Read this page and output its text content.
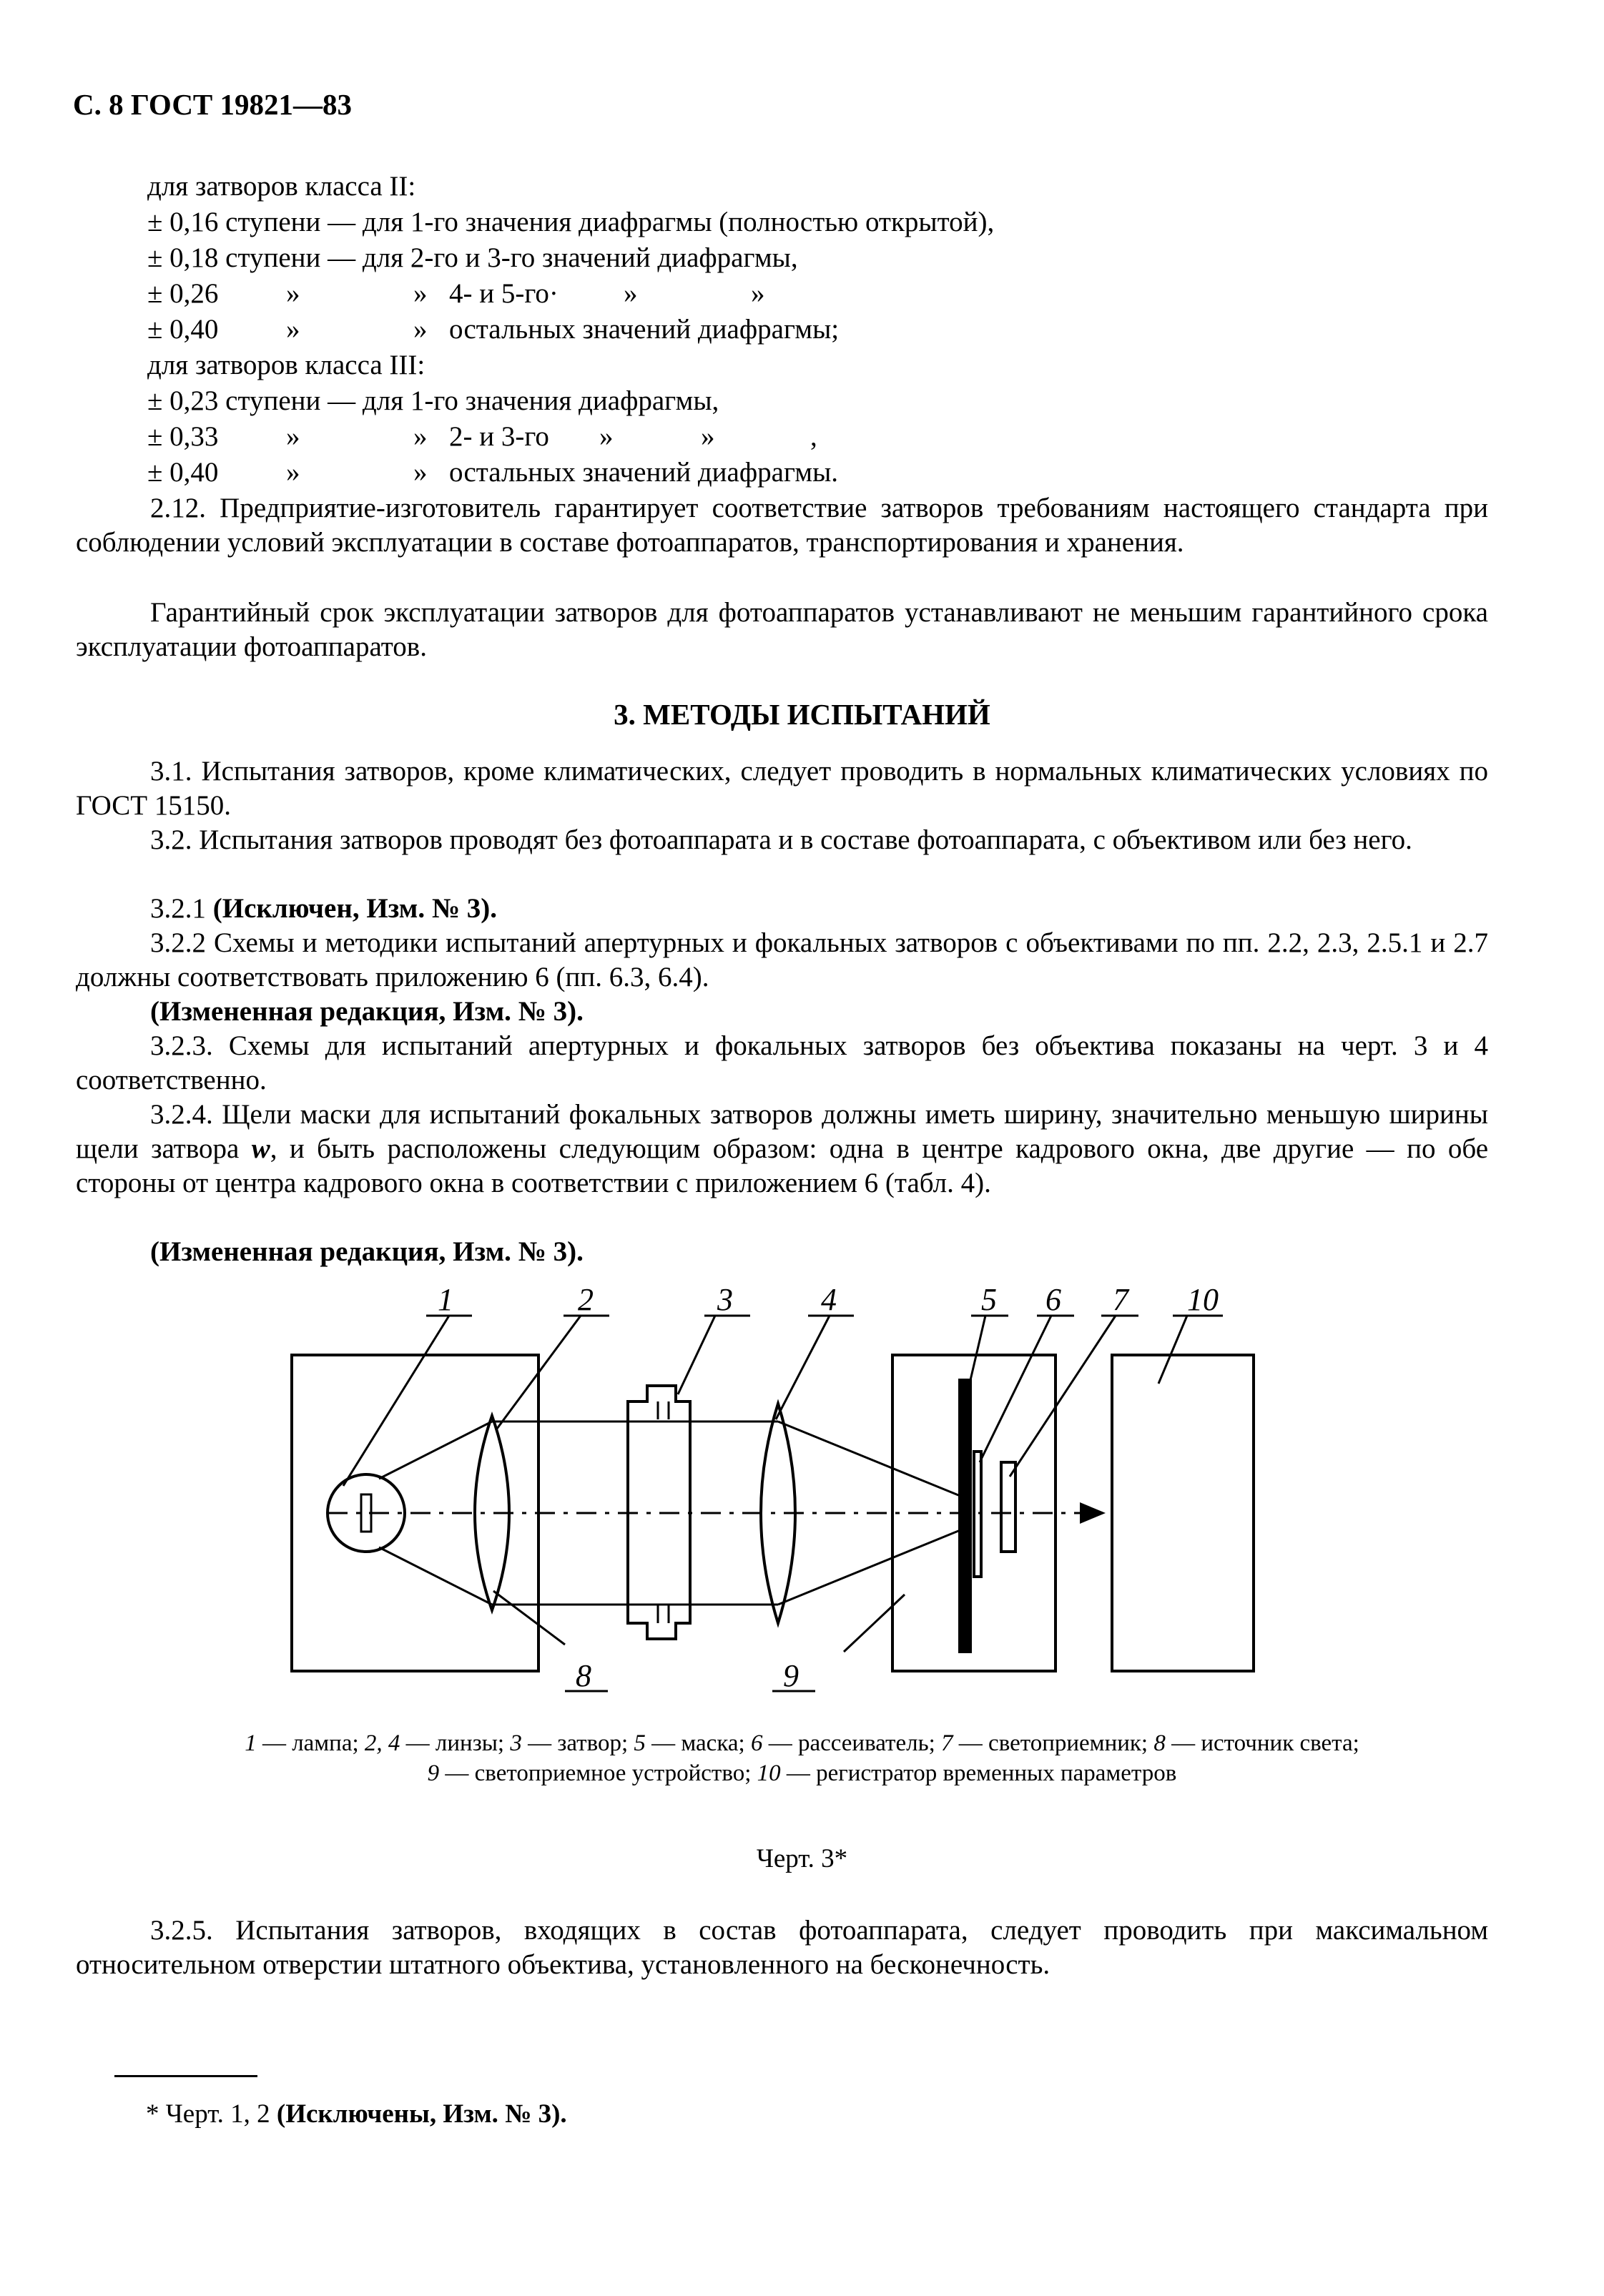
С. 8 ГОСТ 19821—83
для затворов класса II:
± 0,16 ступени — для 1-го значения диафрагмы (полностью открытой),
± 0,18 ступени — для 2-го и 3-го значений диафрагмы,
± 0,26 »	» 4- и 5-го· »	»
± 0,40 »	» остальных значений диафрагмы;
для затворов класса III:
± 0,23 ступени — для 1-го значения диафрагмы,
± 0,33 »	» 2- и 3-го »	»	,
± 0,40 »	» остальных значений диафрагмы.
2.12. Предприятие-изготовитель гарантирует соответствие затворов требованиям настоящего стандарта при соблюдении условий эксплуатации в составе фотоаппаратов, транспортирования и хранения.
Гарантийный срок эксплуатации затворов для фотоаппаратов устанавливают не меньшим гарантийного срока эксплуатации фотоаппаратов.
3. МЕТОДЫ ИСПЫТАНИЙ
3.1. Испытания затворов, кроме климатических, следует проводить в нормальных климатических условиях по ГОСТ 15150.
3.2. Испытания затворов проводят без фотоаппарата и в составе фотоаппарата, с объективом или без него.
3.2.1 (Исключен, Изм. № 3).
3.2.2 Схемы и методики испытаний апертурных и фокальных затворов с объективами по пп. 2.2, 2.3, 2.5.1 и 2.7 должны соответствовать приложению 6 (пп. 6.3, 6.4).
(Измененная редакция, Изм. № 3).
3.2.3. Схемы для испытаний апертурных и фокальных затворов без объектива показаны на черт. 3 и 4 соответственно.
3.2.4. Щели маски для испытаний фокальных затворов должны иметь ширину, значительно меньшую ширины щели затвора w, и быть расположены следующим образом: одна в центре кадрового окна, две другие — по обе стороны от центра кадрового окна в соответствии с приложением 6 (табл. 4).
(Измененная редакция, Изм. № 3).
1	2	3	4	5 6 7 10
8	9
1 — лампа; 2, 4 — линзы; 3 — затвор; 5 — маска; 6 — рассеиватель; 7 — светоприемник; 8 — источник света;
9 — светоприемное устройство; 10 — регистратор временных параметров
Черт. 3*
3.2.5. Испытания затворов, входящих в состав фотоаппарата, следует проводить при максимальном относительном отверстии штатного объектива, установленного на бесконечность.
* Черт. 1, 2 (Исключены, Изм. № 3).
